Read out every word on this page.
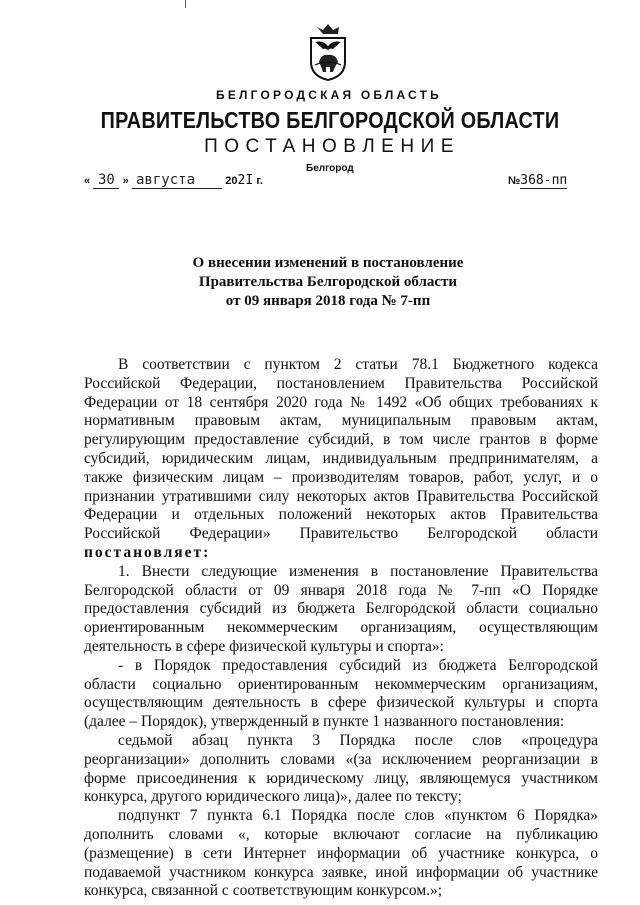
БЕЛГОРОДСКАЯ ОБЛАСТЬ
ПРАВИТЕЛЬСТВО БЕЛГОРОДСКОЙ ОБЛАСТИ
ПОСТАНОВЛЕНИЕ
Белгород
« 30 » августа	202I г.	№368-пп
О внесении изменений в постановление
Правительства Белгородской области
от 09 января 2018 года № 7-пп

В соответствии с пунктом 2 статьи 78.1 Бюджетного кодекса Российской Федерации, постановлением Правительства Российской Федерации от 18 сентября 2020 года № 1492 «Об общих требованиях к нормативным правовым актам, муниципальным правовым актам, регулирующим предоставление субсидий, в том числе грантов в форме субсидий, юридическим лицам, индивидуальным предпринимателям, а также физическим лицам – производителям товаров, работ, услуг, и о признании утратившими силу некоторых актов Правительства Российской Федерации и отдельных положений некоторых актов Правительства Российской Федерации» Правительство Белгородской области постановляет:

1. Внести следующие изменения в постановление Правительства Белгородской области от 09 января 2018 года № 7-пп «О Порядке предоставления субсидий из бюджета Белгородской области социально ориентированным некоммерческим организациям, осуществляющим деятельность в сфере физической культуры и спорта»:

- в Порядок предоставления субсидий из бюджета Белгородской области социально ориентированным некоммерческим организациям, осуществляющим деятельность в сфере физической культуры и спорта (далее – Порядок), утвержденный в пункте 1 названного постановления:

седьмой абзац пункта 3 Порядка после слов «процедура реорганизации» дополнить словами «(за исключением реорганизации в форме присоединения к юридическому лицу, являющемуся участником конкурса, другого юридического лица)», далее по тексту;

подпункт 7 пункта 6.1 Порядка после слов «пунктом 6 Порядка» дополнить словами «, которые включают согласие на публикацию (размещение) в сети Интернет информации об участнике конкурса, о подаваемой участником конкурса заявке, иной информации об участнике конкурса, связанной с соответствующим конкурсом.»;
